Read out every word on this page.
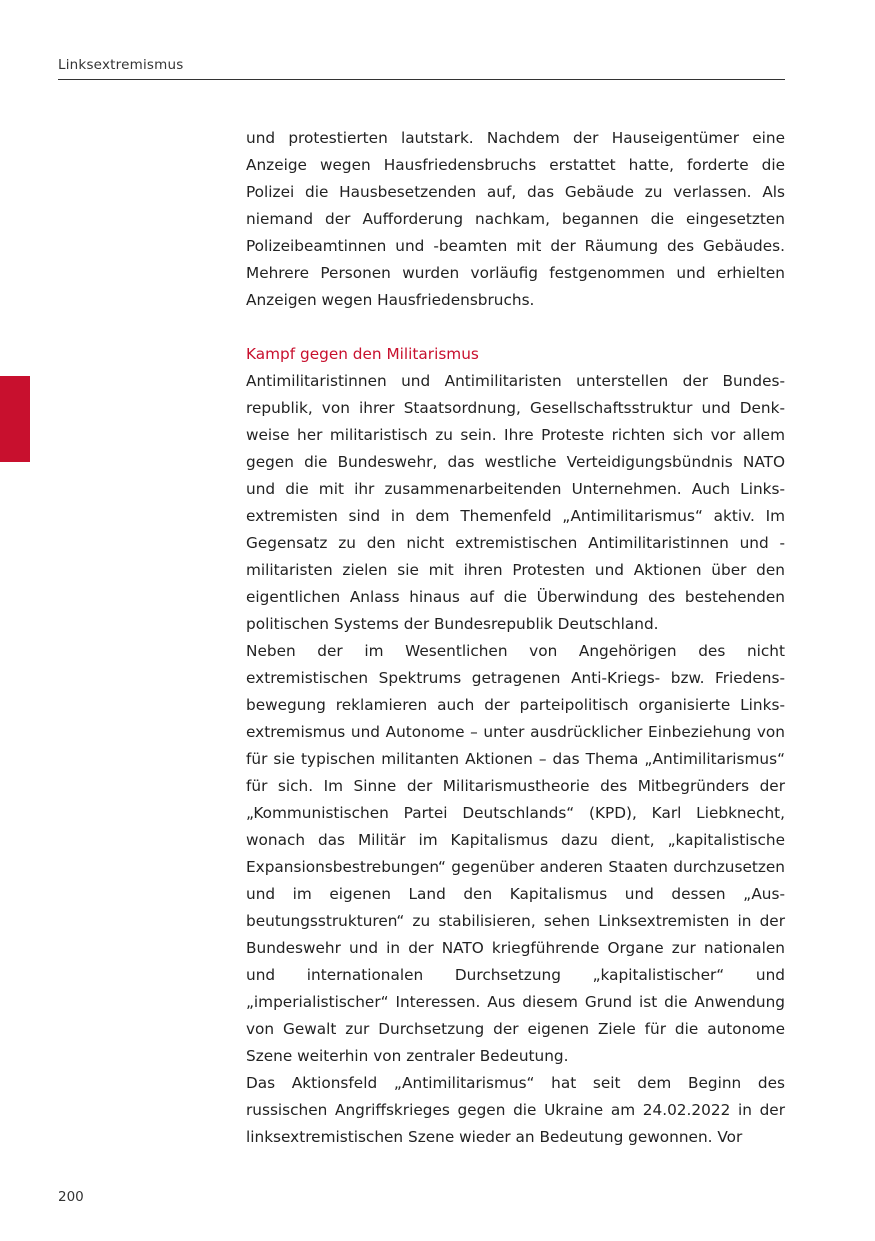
Linksextremismus

und protestierten lautstark. Nachdem der Hauseigentümer eine Anzeige wegen Hausfriedensbruchs erstattet hatte, forderte die Polizei die Hausbesetzenden auf, das Gebäude zu verlassen. Als niemand der Aufforderung nachkam, begannen die eingesetzten Polizeibeamtinnen und -beamten mit der Räumung des Gebäudes. Mehrere Personen wurden vorläufig festgenommen und erhielten Anzeigen wegen Hausfriedensbruchs.

Kampf gegen den Militarismus

Antimilitaristinnen und Antimilitaristen unterstellen der Bundesrepublik, von ihrer Staatsordnung, Gesellschaftsstruktur und Denkweise her militaristisch zu sein. Ihre Proteste richten sich vor allem gegen die Bundeswehr, das westliche Verteidigungsbündnis NATO und die mit ihr zusammenarbeitenden Unternehmen. Auch Linksextremisten sind in dem Themenfeld „Antimilitarismus“ aktiv. Im Gegensatz zu den nicht extremistischen Antimilitaristinnen und -militaristen zielen sie mit ihren Protesten und Aktionen über den eigentlichen Anlass hinaus auf die Überwindung des bestehenden politischen Systems der Bundesrepublik Deutschland.

Neben der im Wesentlichen von Angehörigen des nicht extremistischen Spektrums getragenen Anti-Kriegs- bzw. Friedensbewegung reklamieren auch der parteipolitisch organisierte Linksextremismus und Autonome – unter ausdrücklicher Einbeziehung von für sie typischen militanten Aktionen – das Thema „Antimilitarismus“ für sich. Im Sinne der Militarismustheorie des Mitbegründers der „Kommunistischen Partei Deutschlands“ (KPD), Karl Liebknecht, wonach das Militär im Kapitalismus dazu dient, „kapitalistische Expansionsbestrebungen“ gegenüber anderen Staaten durchzusetzen und im eigenen Land den Kapitalismus und dessen „Ausbeutungsstrukturen“ zu stabilisieren, sehen Linksextremisten in der Bundeswehr und in der NATO kriegführende Organe zur nationalen und internationalen Durchsetzung „kapitalistischer“ und „imperialistischer“ Interessen. Aus diesem Grund ist die Anwendung von Gewalt zur Durchsetzung der eigenen Ziele für die autonome Szene weiterhin von zentraler Bedeutung.

Das Aktionsfeld „Antimilitarismus“ hat seit dem Beginn des russischen Angriffskrieges gegen die Ukraine am 24.02.2022 in der linksextremistischen Szene wieder an Bedeutung gewonnen. Vor

200
